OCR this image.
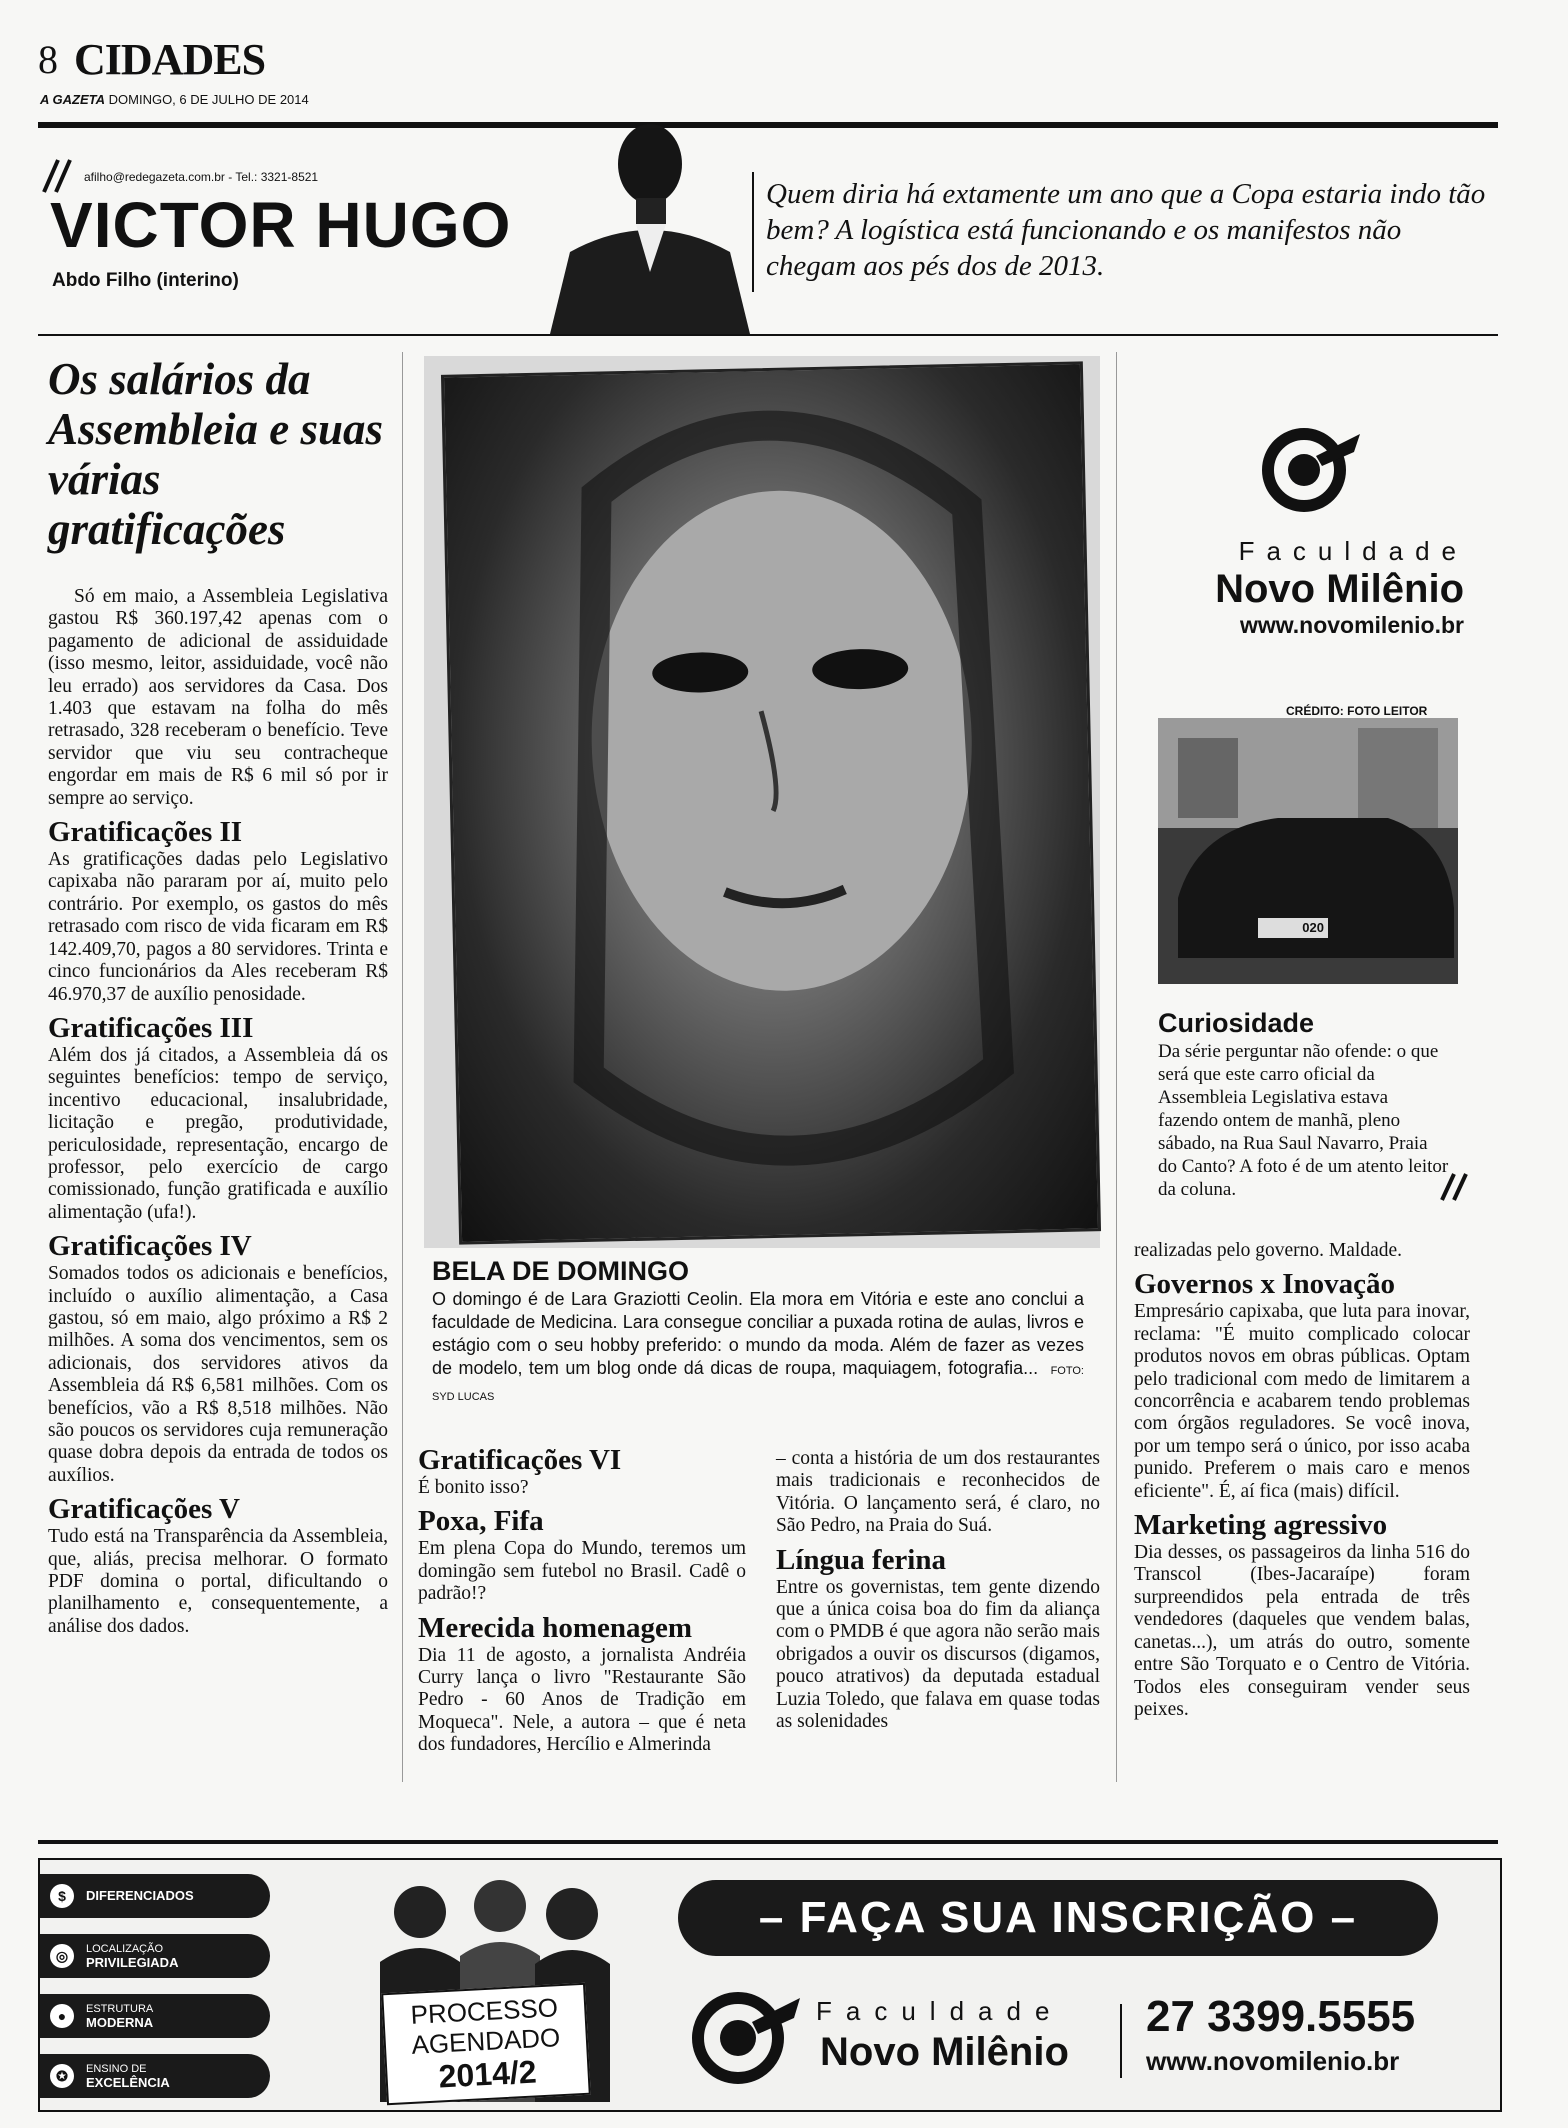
8 CIDADES
A GAZETA DOMINGO, 6 DE JULHO DE 2014
afilho@redegazeta.com.br - Tel.: 3321-8521
VICTOR HUGO
Abdo Filho (interino)
Quem diria há extamente um ano que a Copa estaria indo tão bem? A logística está funcionando e os manifestos não chegam aos pés dos de 2013.
Os salários da Assembleia e suas várias gratificações

Só em maio, a Assembleia Legislativa gastou R$ 360.197,42 apenas com o pagamento de adicional de assiduidade (isso mesmo, leitor, assiduidade, você não leu errado) aos servidores da Casa. Dos 1.403 que estavam na folha do mês retrasado, 328 receberam o benefício. Teve servidor que viu seu contracheque engordar em mais de R$ 6 mil só por ir sempre ao serviço.

Gratificações II

As gratificações dadas pelo Legislativo capixaba não pararam por aí, muito pelo contrário. Por exemplo, os gastos do mês retrasado com risco de vida ficaram em R$ 142.409,70, pagos a 80 servidores. Trinta e cinco funcionários da Ales receberam R$ 46.970,37 de auxílio penosidade.

Gratificações III

Além dos já citados, a Assembleia dá os seguintes benefícios: tempo de serviço, incentivo educacional, insalubridade, licitação e pregão, produtividade, periculosidade, representação, encargo de professor, pelo exercício de cargo comissionado, função gratificada e auxílio alimentação (ufa!).

Gratificações IV

Somados todos os adicionais e benefícios, incluído o auxílio alimentação, a Casa gastou, só em maio, algo próximo a R$ 2 milhões. A soma dos vencimentos, sem os adicionais, dos servidores ativos da Assembleia dá R$ 6,581 milhões. Com os benefícios, vão a R$ 8,518 milhões. Não são poucos os servidores cuja remuneração quase dobra depois da entrada de todos os auxílios.

Gratificações V

Tudo está na Transparência da Assembleia, que, aliás, precisa melhorar. O formato PDF domina o portal, dificultando o planilhamento e, consequentemente, a análise dos dados.

BELA DE DOMINGO
O domingo é de Lara Graziotti Ceolin. Ela mora em Vitória e este ano conclui a faculdade de Medicina. Lara consegue conciliar a puxada rotina de aulas, livros e estágio com o seu hobby preferido: o mundo da moda. Além de fazer as vezes de modelo, tem um blog onde dá dicas de roupa, maquiagem, fotografia... FOTO: SYD LUCAS
Gratificações VI

É bonito isso?

Poxa, Fifa

Em plena Copa do Mundo, teremos um domingão sem futebol no Brasil. Cadê o padrão!?

Merecida homenagem

Dia 11 de agosto, a jornalista Andréia Curry lança o livro "Restaurante São Pedro - 60 Anos de Tradição em Moqueca". Nele, a autora – que é neta dos fundadores, Hercílio e Almerinda

– conta a história de um dos restaurantes mais tradicionais e reconhecidos de Vitória. O lançamento será, é claro, no São Pedro, na Praia do Suá.

Língua ferina

Entre os governistas, tem gente dizendo que a única coisa boa do fim da aliança com o PMDB é que agora não serão mais obrigados a ouvir os discursos (digamos, pouco atrativos) da deputada estadual Luzia Toledo, que falava em quase todas as solenidades

Faculdade
Novo Milênio
www.novomilenio.br
020
CRÉDITO: FOTO LEITOR
Curiosidade
Da série perguntar não ofende: o que será que este carro oficial da Assembleia Legislativa estava fazendo ontem de manhã, pleno sábado, na Rua Saul Navarro, Praia do Canto? A foto é de um atento leitor da coluna.

realizadas pelo governo. Maldade.

Governos x Inovação

Empresário capixaba, que luta para inovar, reclama: "É muito complicado colocar produtos novos em obras públicas. Optam pelo tradicional com medo de limitarem a concorrência e acabarem tendo problemas com órgãos reguladores. Se você inova, por um tempo será o único, por isso acaba punido. Preferem o mais caro e menos eficiente". É, aí fica (mais) difícil.

Marketing agressivo

Dia desses, os passageiros da linha 516 do Transcol (Ibes-Jacaraípe) foram surpreendidos pela entrada de três vendedores (daqueles que vendem balas, canetas...), um atrás do outro, somente entre São Torquato e o Centro de Vitória. Todos eles conseguiram vender seus peixes.

$	DIFERENCIADOS
◎	LOCALIZAÇÃO
PRIVILEGIADA
●	ESTRUTURA
MODERNA
✪	ENSINO DE
EXCELÊNCIA
PROCESSO
AGENDADO
2014/2
– FAÇA SUA INSCRIÇÃO –
Faculdade
Novo Milênio
27 3399.5555
www.novomilenio.br
